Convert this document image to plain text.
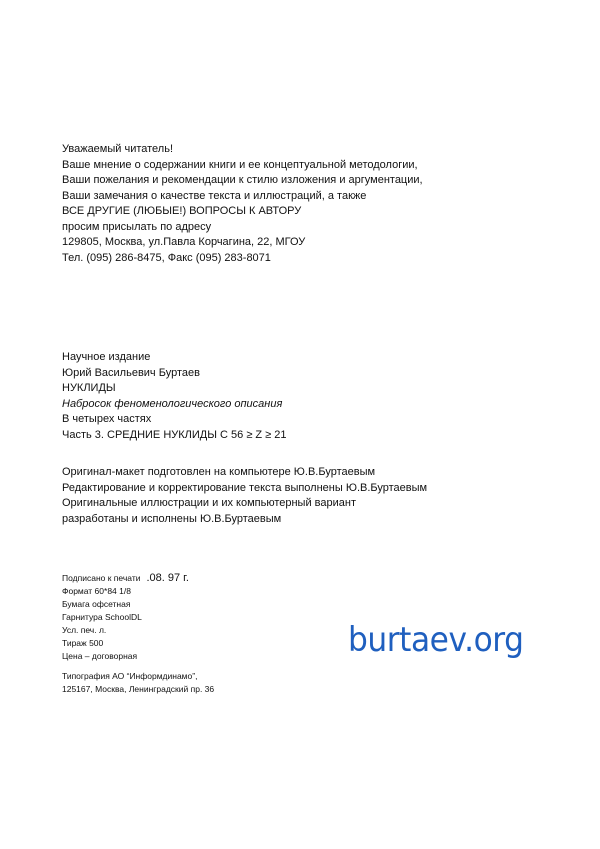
Уважаемый читатель!
Ваше мнение о содержании книги и ее концептуальной методологии,
Ваши пожелания и рекомендации к стилю изложения и аргументации,
Ваши замечания о качестве текста и иллюстраций, а также
ВСЕ ДРУГИЕ (ЛЮБЫЕ!) ВОПРОСЫ К АВТОРУ
просим присылать по адресу
129805, Москва, ул.Павла Корчагина, 22, МГОУ
Тел. (095) 286-8475, Факс (095) 283-8071
Научное издание
Юрий Васильевич Буртаев
НУКЛИДЫ
Набросок феноменологического описания
В четырех частях
Часть 3. СРЕДНИЕ НУКЛИДЫ С 56 ≥ Z ≥ 21
Оригинал-макет подготовлен на компьютере Ю.В.Буртаевым
Редактирование и корректирование текста выполнены Ю.В.Буртаевым
Оригинальные иллюстрации и их компьютерный вариант
разработаны и исполнены Ю.В.Буртаевым
Подписано к печати .08. 97 г.
Формат 60*84 1/8
Бумага офсетная
Гарнитура SchoolDL
Усл. печ. л.
Тираж 500
Цена – договорная
Типография АО “Информдинамо”,
125167, Москва, Ленинградский пр. 36
burtaev.org
